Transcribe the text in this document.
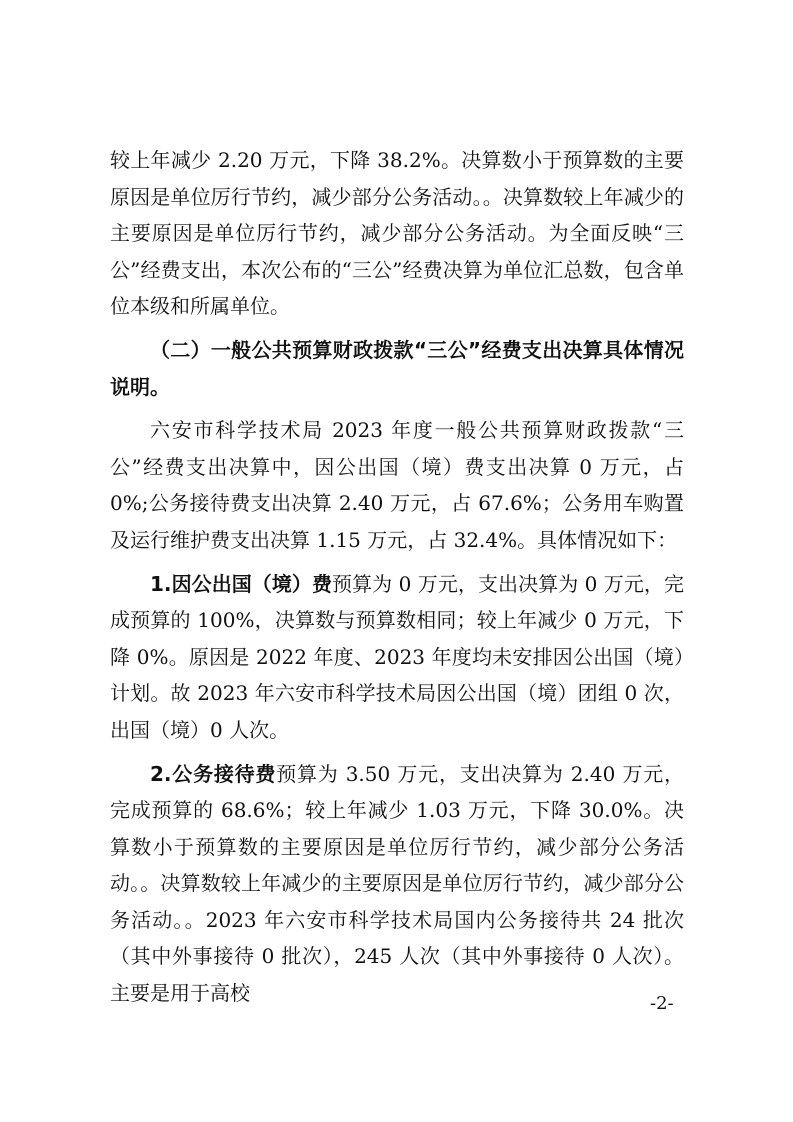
较上年减少 2.20 万元，下降 38.2%。决算数小于预算数的主要原因是单位厉行节约，减少部分公务活动。。决算数较上年减少的主要原因是单位厉行节约，减少部分公务活动。为全面反映“三公”经费支出，本次公布的“三公”经费决算为单位汇总数，包含单位本级和所属单位。

（二）一般公共预算财政拨款“三公”经费支出决算具体情况说明。

六安市科学技术局 2023 年度一般公共预算财政拨款“三公”经费支出决算中，因公出国（境）费支出决算 0 万元，占 0%;公务接待费支出决算 2.40 万元，占 67.6%；公务用车购置及运行维护费支出决算 1.15 万元，占 32.4%。具体情况如下：

1.因公出国（境）费预算为 0 万元，支出决算为 0 万元，完成预算的 100%，决算数与预算数相同；较上年减少 0 万元，下降 0%。原因是 2022 年度、2023 年度均未安排因公出国（境）计划。故 2023 年六安市科学技术局因公出国（境）团组 0 次，出国（境）0 人次。

2.公务接待费预算为 3.50 万元，支出决算为 2.40 万元，完成预算的 68.6%；较上年减少 1.03 万元，下降 30.0%。决算数小于预算数的主要原因是单位厉行节约，减少部分公务活动。。决算数较上年减少的主要原因是单位厉行节约，减少部分公务活动。。2023 年六安市科学技术局国内公务接待共 24 批次（其中外事接待 0 批次），245 人次（其中外事接待 0 人次）。主要是用于高校	-2-
